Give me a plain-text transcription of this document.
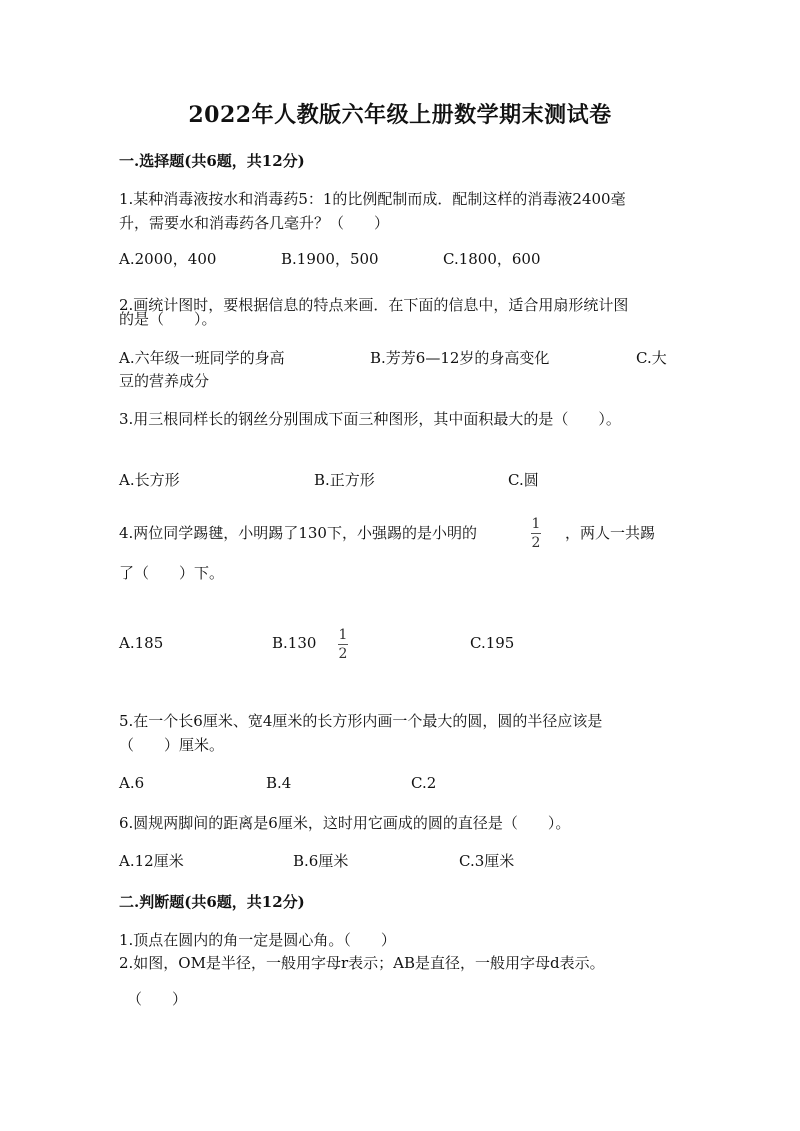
2022年人教版六年级上册数学期末测试卷
一.选择题(共6题，共12分)
1.某种消毒液按水和消毒药5：1的比例配制而成．配制这样的消毒液2400毫
升，需要水和消毒药各几毫升？（　　）
A.2000，400	B.1900，500	C.1800，600
2.画统计图时，要根据信息的特点来画．在下面的信息中，适合用扇形统计图
的是（　　）。
A.六年级一班同学的身高	B.芳芳6—12岁的身高变化	C.大
豆的营养成分
3.用三根同样长的钢丝分别围成下面三种图形，其中面积最大的是（　　）。
A.长方形	B.正方形	C.圆
4.两位同学踢毽，小明踢了130下，小强踢的是小明的	1
2
，两人一共踢
了（　　）下。
A.185	B.130 1
2
C.195
5.在一个长6厘米、宽4厘米的长方形内画一个最大的圆，圆的半径应该是
（　　）厘米。
A.6	B.4	C.2
6.圆规两脚间的距离是6厘米，这时用它画成的圆的直径是（　　）。
A.12厘米	B.6厘米	C.3厘米
二.判断题(共6题，共12分)
1.顶点在圆内的角一定是圆心角。（　　）
2.如图，OM是半径，一般用字母r表示；AB是直径，一般用字母d表示。
（　　）
